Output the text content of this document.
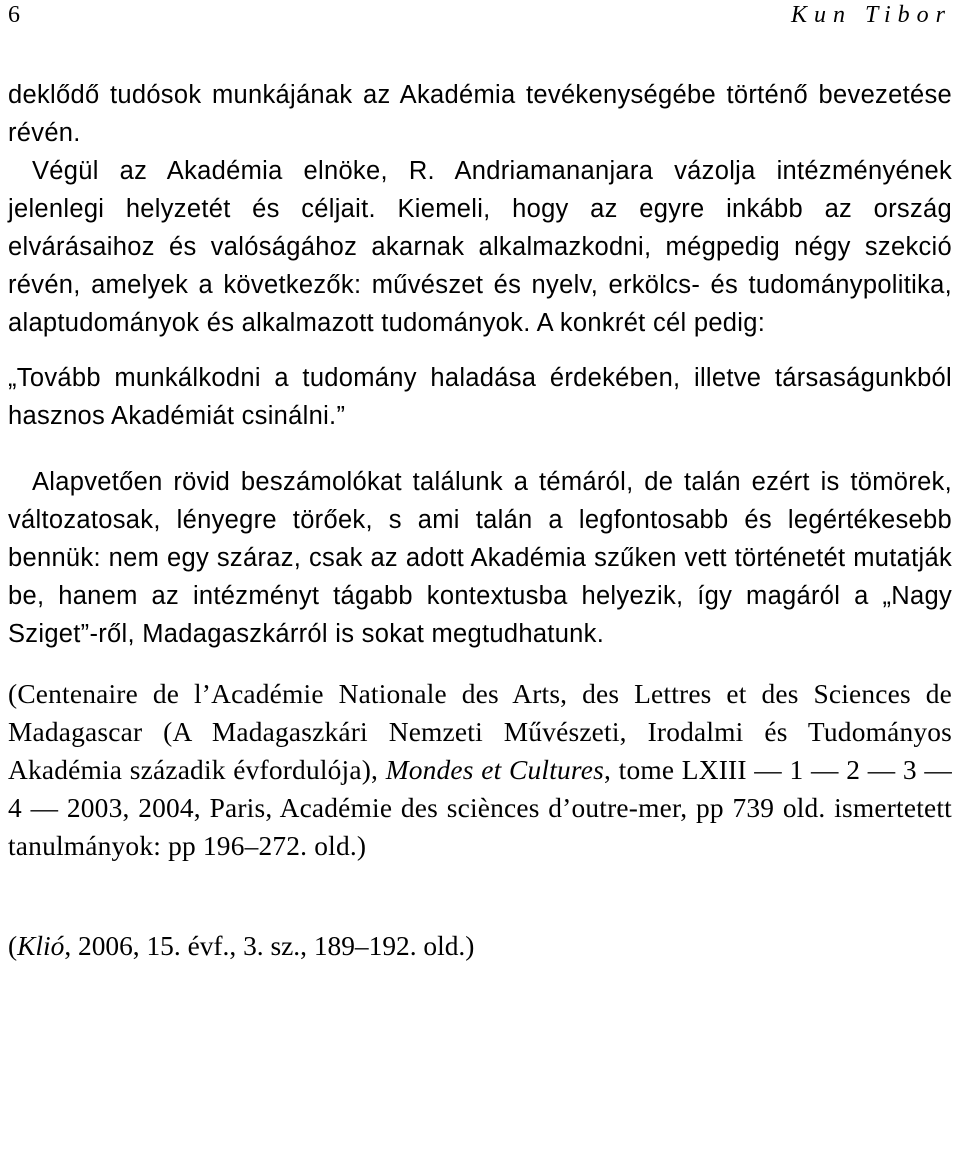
6	Kun Tibor

deklődő tudósok munkájának az Akadémia tevékenységébe történő bevezetése révén.

Végül az Akadémia elnöke, R. Andriamananjara vázolja intézményének jelenlegi helyzetét és céljait. Kiemeli, hogy az egyre inkább az ország elvárásaihoz és valóságához akarnak alkalmazkodni, mégpedig négy szekció révén, amelyek a következők: művészet és nyelv, erkölcs- és tudománypolitika, alaptudományok és alkalmazott tudományok. A konkrét cél pedig:

„Tovább munkálkodni a tudomány haladása érdekében, illetve társaságunkból hasznos Akadémiát csinálni.”

Alapvetően rövid beszámolókat találunk a témáról, de talán ezért is tömörek, változatosak, lényegre törőek, s ami talán a legfontosabb és legértékesebb bennük: nem egy száraz, csak az adott Akadémia szűken vett történetét mutatják be, hanem az intézményt tágabb kontextusba helyezik, így magáról a „Nagy Sziget”-ről, Madagaszkárról is sokat megtudhatunk.

(Centenaire de l’Académie Nationale des Arts, des Lettres et des Sciences de Madagascar (A Madagaszkári Nemzeti Művészeti, Irodalmi és Tudományos Akadémia századik évfordulója), Mondes et Cultures, tome LXIII — 1 — 2 — 3 — 4 — 2003, 2004, Paris, Académie des sciènces d’outre-mer, pp 739 old. ismertetett tanulmányok: pp 196–272. old.)

(Klió, 2006, 15. évf., 3. sz., 189–192. old.)
